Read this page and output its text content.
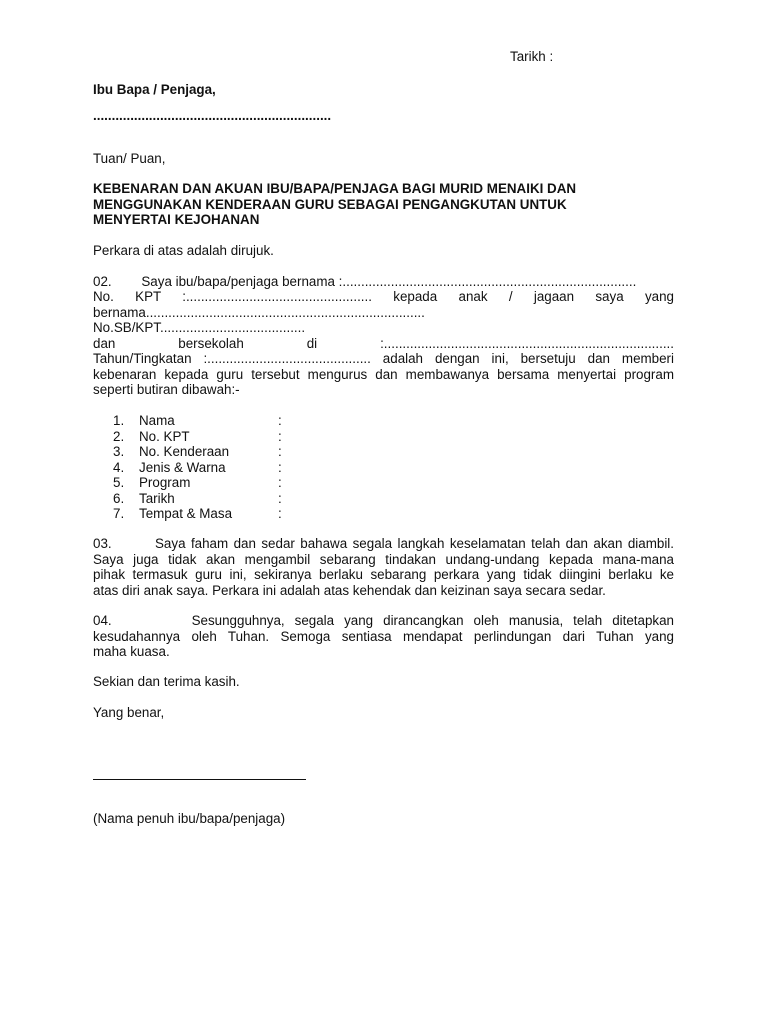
Tarikh :
Ibu Bapa / Penjaga,
................................................................
Tuan/ Puan,
KEBENARAN DAN AKUAN IBU/BAPA/PENJAGA BAGI MURID MENAIKI DAN
MENGGUNAKAN KENDERAAN GURU SEBAGAI PENGANGKUTAN UNTUK
MENYERTAI KEJOHANAN
Perkara di atas adalah dirujuk.
02.        Saya ibu/bapa/penjaga bernama :...............................................................................
No. KPT :.................................................. kepada anak / jagaan saya yang
bernama...........................................................................
No.SB/KPT.......................................
dan bersekolah di :..............................................................................
Tahun/Tingkatan :............................................ adalah dengan ini, bersetuju dan memberi
kebenaran kepada guru tersebut mengurus dan membawanya bersama menyertai program
seperti butiran dibawah:-
1.	Nama	:
2.	No. KPT	:
3.	No. Kenderaan	:
4.	Jenis & Warna	:
5.	Program	:
6.	Tarikh	:
7.	Tempat & Masa	:
03.        Saya faham dan sedar bahawa segala langkah keselamatan telah dan akan diambil.
Saya juga tidak akan mengambil sebarang tindakan undang-undang kepada mana-mana
pihak termasuk guru ini, sekiranya berlaku sebarang perkara yang tidak diingini berlaku ke
atas diri anak saya. Perkara ini adalah atas kehendak dan keizinan saya secara sedar.
04.        Sesungguhnya, segala yang dirancangkan oleh manusia, telah ditetapkan
kesudahannya oleh Tuhan. Semoga sentiasa mendapat perlindungan dari Tuhan yang
maha kuasa.
Sekian dan terima kasih.
Yang benar,
(Nama penuh ibu/bapa/penjaga)
